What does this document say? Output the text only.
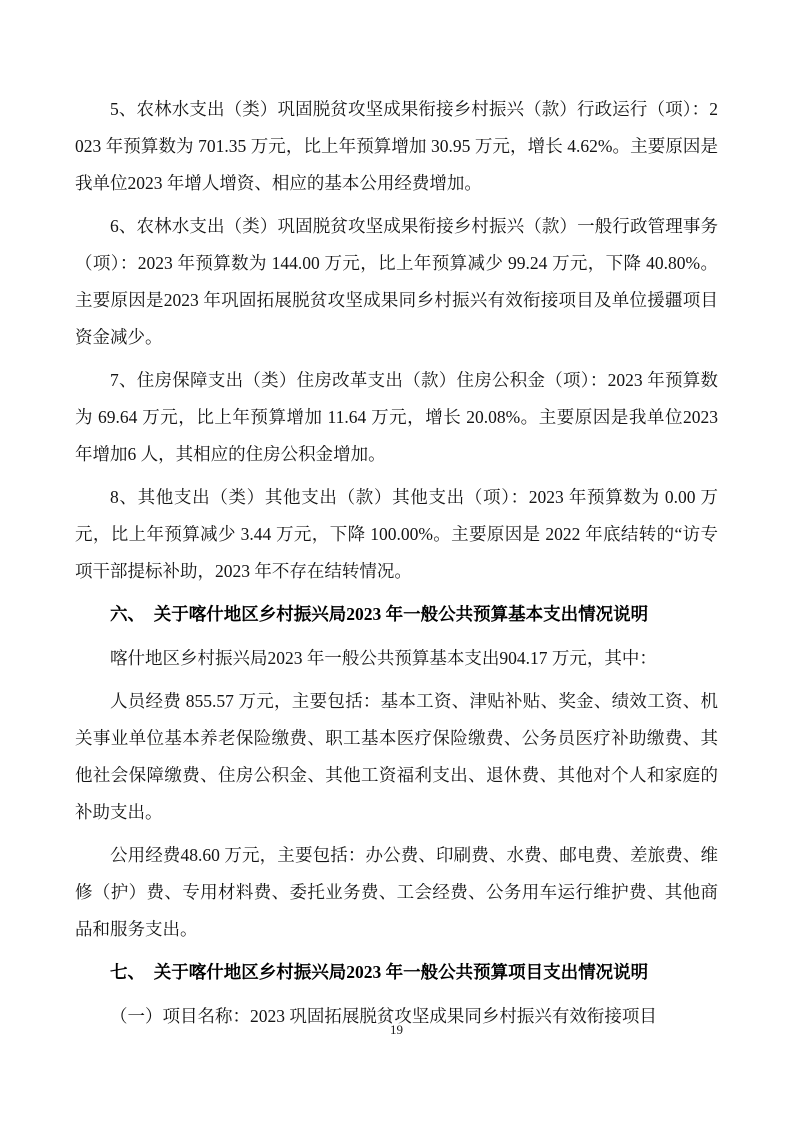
5、农林水支出（类）巩固脱贫攻坚成果衔接乡村振兴（款）行政运行（项）：2023 年预算数为 701.35 万元，比上年预算增加 30.95 万元，增长 4.62%。主要原因是我单位2023 年增人增资、相应的基本公用经费增加。

6、农林水支出（类）巩固脱贫攻坚成果衔接乡村振兴（款）一般行政管理事务（项）：2023 年预算数为 144.00 万元，比上年预算减少 99.24 万元，下降 40.80%。主要原因是2023 年巩固拓展脱贫攻坚成果同乡村振兴有效衔接项目及单位援疆项目资金减少。

7、住房保障支出（类）住房改革支出（款）住房公积金（项）：2023 年预算数为 69.64 万元，比上年预算增加 11.64 万元，增长 20.08%。主要原因是我单位2023 年增加6 人，其相应的住房公积金增加。

8、其他支出（类）其他支出（款）其他支出（项）：2023 年预算数为 0.00 万元，比上年预算减少 3.44 万元，下降 100.00%。主要原因是 2022 年底结转的“访专项干部提标补助，2023 年不存在结转情况。

六、　关于喀什地区乡村振兴局2023 年一般公共预算基本支出情况说明

喀什地区乡村振兴局2023 年一般公共预算基本支出904.17 万元，其中：

人员经费 855.57 万元，主要包括：基本工资、津贴补贴、奖金、绩效工资、机关事业单位基本养老保险缴费、职工基本医疗保险缴费、公务员医疗补助缴费、其他社会保障缴费、住房公积金、其他工资福利支出、退休费、其他对个人和家庭的补助支出。

公用经费48.60 万元，主要包括：办公费、印刷费、水费、邮电费、差旅费、维修（护）费、专用材料费、委托业务费、工会经费、公务用车运行维护费、其他商品和服务支出。

七、　关于喀什地区乡村振兴局2023 年一般公共预算项目支出情况说明

（一）项目名称：2023 巩固拓展脱贫攻坚成果同乡村振兴有效衔接项目

19
